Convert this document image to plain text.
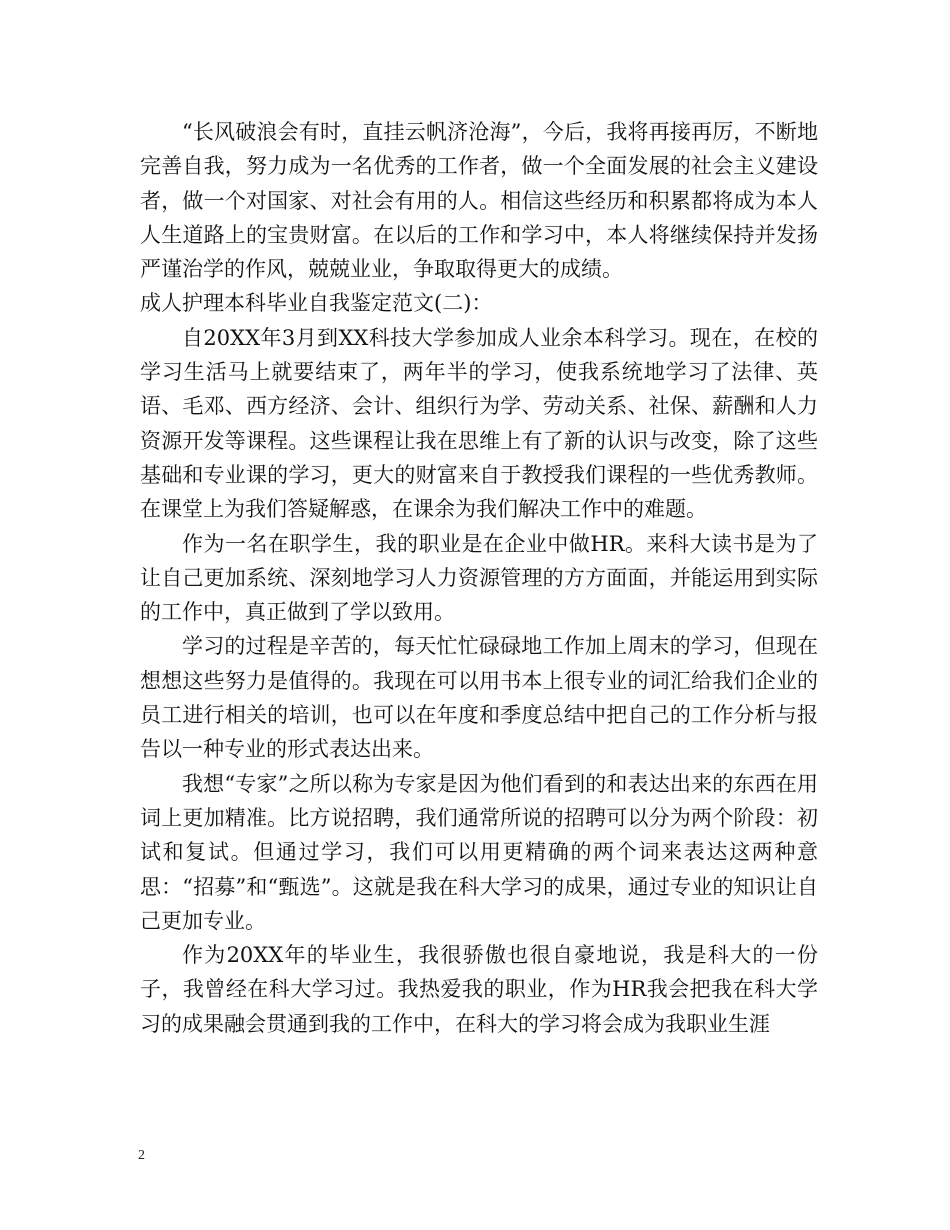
“长风破浪会有时，直挂云帆济沧海”，今后，我将再接再厉，不断地完善自我，努力成为一名优秀的工作者，做一个全面发展的社会主义建设者，做一个对国家、对社会有用的人。相信这些经历和积累都将成为本人人生道路上的宝贵财富。在以后的工作和学习中，本人将继续保持并发扬严谨治学的作风，兢兢业业，争取取得更大的成绩。

成人护理本科毕业自我鉴定范文(二)：

自20XX年3月到XX科技大学参加成人业余本科学习。现在，在校的学习生活马上就要结束了，两年半的学习，使我系统地学习了法律、英语、毛邓、西方经济、会计、组织行为学、劳动关系、社保、薪酬和人力资源开发等课程。这些课程让我在思维上有了新的认识与改变，除了这些基础和专业课的学习，更大的财富来自于教授我们课程的一些优秀教师。在课堂上为我们答疑解惑，在课余为我们解决工作中的难题。

作为一名在职学生，我的职业是在企业中做HR。来科大读书是为了让自己更加系统、深刻地学习人力资源管理的方方面面，并能运用到实际的工作中，真正做到了学以致用。

学习的过程是辛苦的，每天忙忙碌碌地工作加上周末的学习，但现在想想这些努力是值得的。我现在可以用书本上很专业的词汇给我们企业的员工进行相关的培训，也可以在年度和季度总结中把自己的工作分析与报告以一种专业的形式表达出来。

我想“专家”之所以称为专家是因为他们看到的和表达出来的东西在用词上更加精准。比方说招聘，我们通常所说的招聘可以分为两个阶段：初试和复试。但通过学习，我们可以用更精确的两个词来表达这两种意思：“招募”和“甄选”。这就是我在科大学习的成果，通过专业的知识让自己更加专业。

作为20XX年的毕业生，我很骄傲也很自豪地说，我是科大的一份子，我曾经在科大学习过。我热爱我的职业，作为HR我会把我在科大学习的成果融会贯通到我的工作中，在科大的学习将会成为我职业生涯

2
